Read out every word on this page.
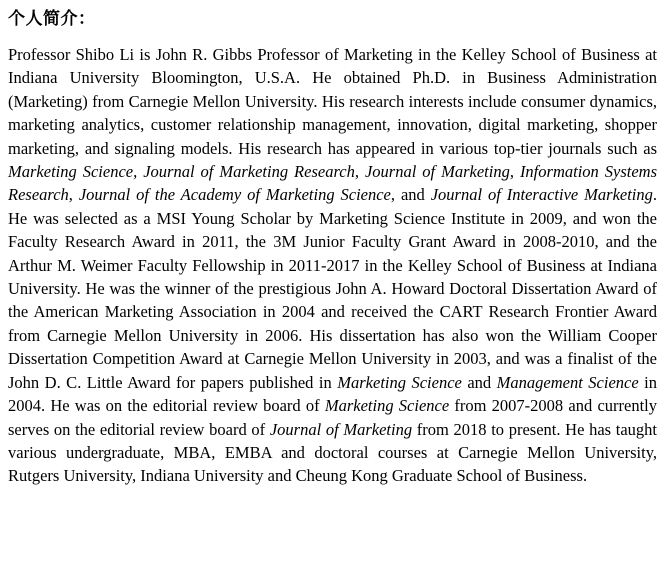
个人简介：

Professor Shibo Li is John R. Gibbs Professor of Marketing in the Kelley School of Business at Indiana University Bloomington, U.S.A. He obtained Ph.D. in Business Administration (Marketing) from Carnegie Mellon University. His research interests include consumer dynamics, marketing analytics, customer relationship management, innovation, digital marketing, shopper marketing, and signaling models. His research has appeared in various top-tier journals such as Marketing Science, Journal of Marketing Research, Journal of Marketing, Information Systems Research, Journal of the Academy of Marketing Science, and Journal of Interactive Marketing. He was selected as a MSI Young Scholar by Marketing Science Institute in 2009, and won the Faculty Research Award in 2011, the 3M Junior Faculty Grant Award in 2008-2010, and the Arthur M. Weimer Faculty Fellowship in 2011-2017 in the Kelley School of Business at Indiana University. He was the winner of the prestigious John A. Howard Doctoral Dissertation Award of the American Marketing Association in 2004 and received the CART Research Frontier Award from Carnegie Mellon University in 2006. His dissertation has also won the William Cooper Dissertation Competition Award at Carnegie Mellon University in 2003, and was a finalist of the John D. C. Little Award for papers published in Marketing Science and Management Science in 2004. He was on the editorial review board of Marketing Science from 2007-2008 and currently serves on the editorial review board of Journal of Marketing from 2018 to present. He has taught various undergraduate, MBA, EMBA and doctoral courses at Carnegie Mellon University, Rutgers University, Indiana University and Cheung Kong Graduate School of Business.
